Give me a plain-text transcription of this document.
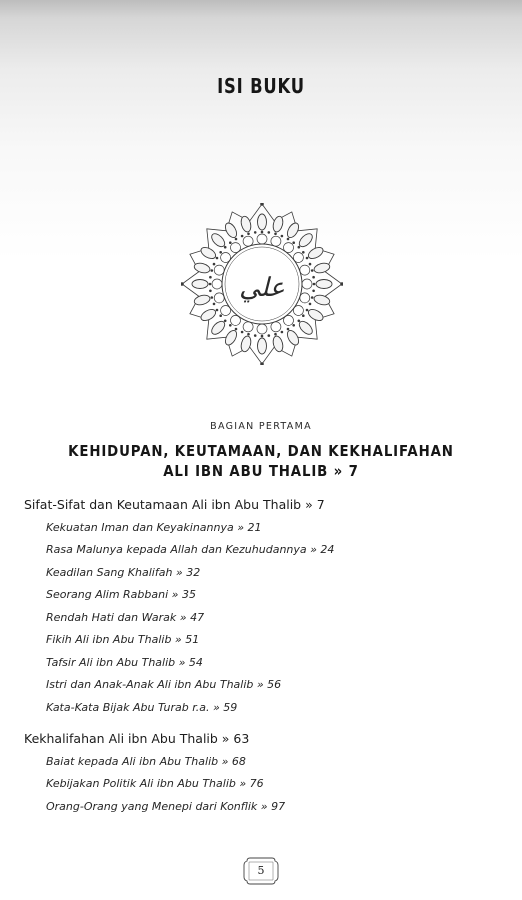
ISI BUKU
علي
BAGIAN PERTAMA
KEHIDUPAN, KEUTAMAAN, DAN KEKHALIFAHAN
ALI IBN ABU THALIB » 7
Sifat-Sifat dan Keutamaan Ali ibn Abu Thalib » 7
Kekuatan Iman dan Keyakinannya » 21
Rasa Malunya kepada Allah dan Kezuhudannya » 24
Keadilan Sang Khalifah » 32
Seorang Alim Rabbani » 35
Rendah Hati dan Warak » 47
Fikih Ali ibn Abu Thalib » 51
Tafsir Ali ibn Abu Thalib » 54
Istri dan Anak-Anak Ali ibn Abu Thalib » 56
Kata-Kata Bijak Abu Turab r.a. » 59
Kekhalifahan Ali ibn Abu Thalib » 63
Baiat kepada Ali ibn Abu Thalib » 68
Kebijakan Politik Ali ibn Abu Thalib » 76
Orang-Orang yang Menepi dari Konflik » 97
5
